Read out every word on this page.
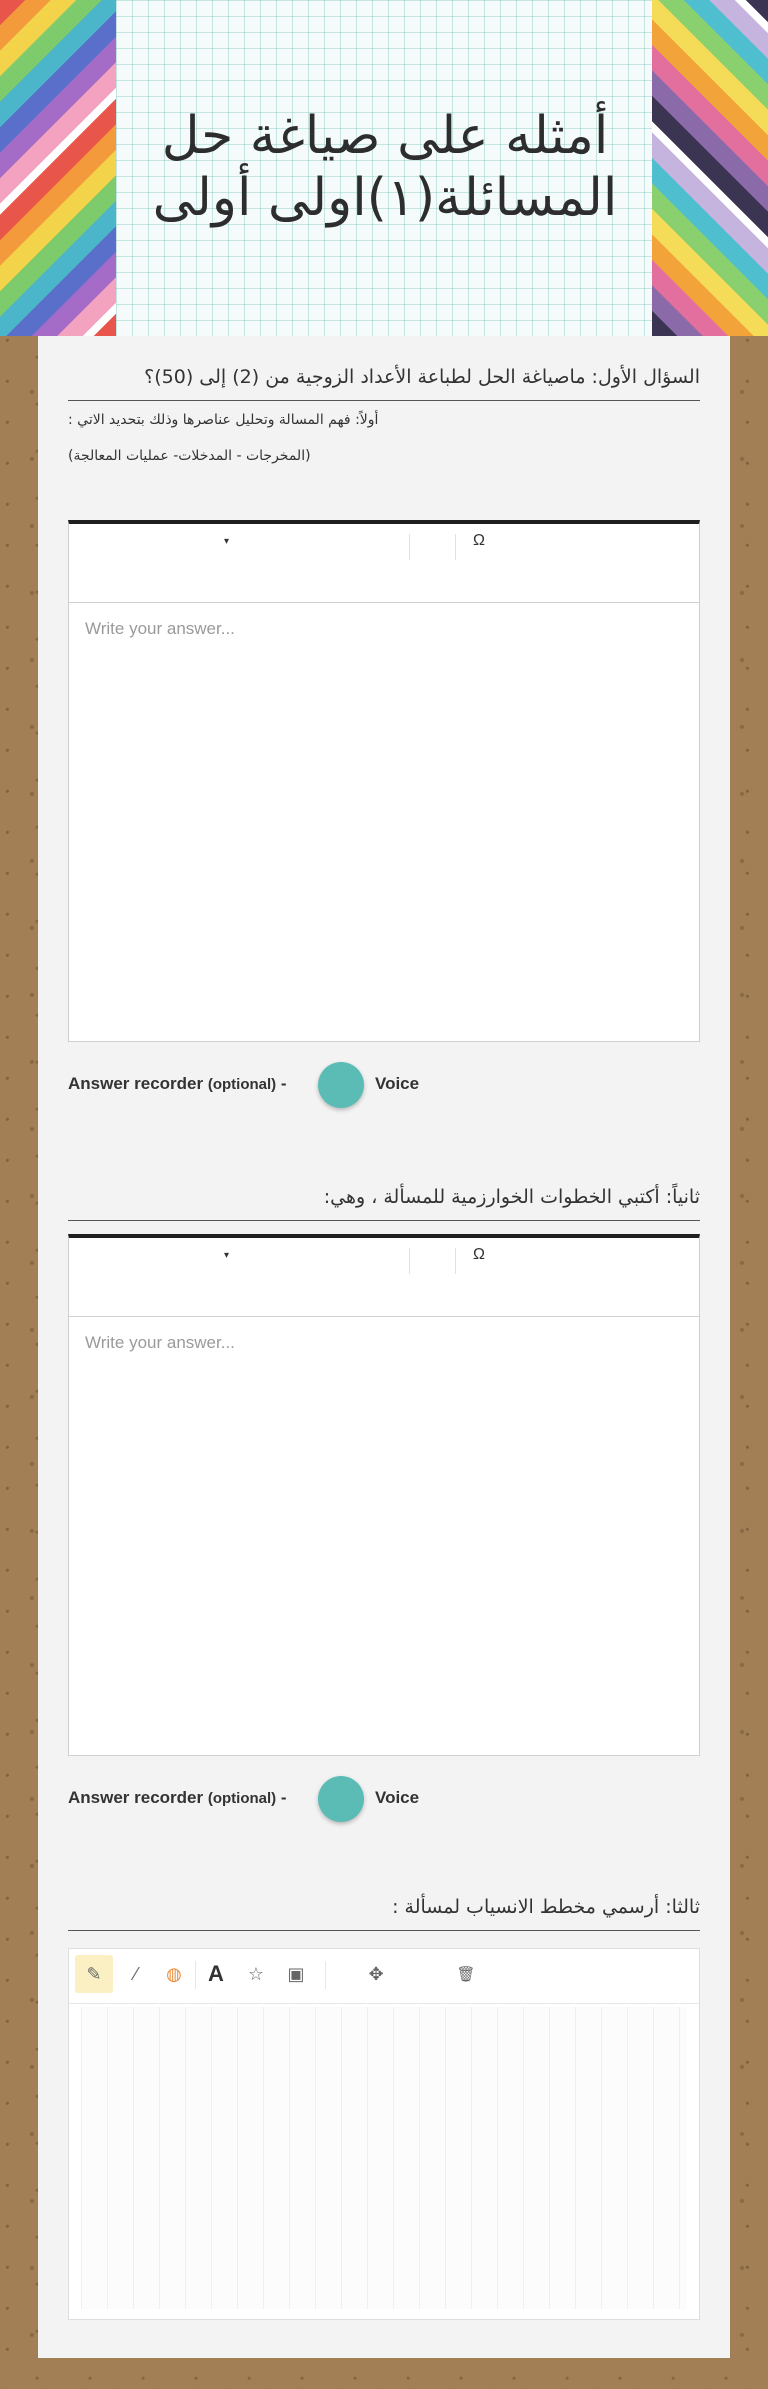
أمثله على صياغة حل المسائلة(١)اولى أولى
السؤال الأول: ماصياغة الحل لطباعة الأعداد الزوجية من (2) إلى (50)؟
أولاً: فهم المسالة وتحليل عناصرها وذلك بتحديد الاتي :
(المخرجات - المدخلات- عمليات المعالجة)
▾	Ω
Write your answer...
Answer recorder (optional) -	Voice
ثانياً: أكتبي الخطوات الخوارزمية للمسألة ، وهي:
▾	Ω
Write your answer...
Answer recorder (optional) -	Voice
ثالثا: أرسمي مخطط الانسياب لمسألة :
✎	⁄	◍	A	☆	▣	✥	🗑
